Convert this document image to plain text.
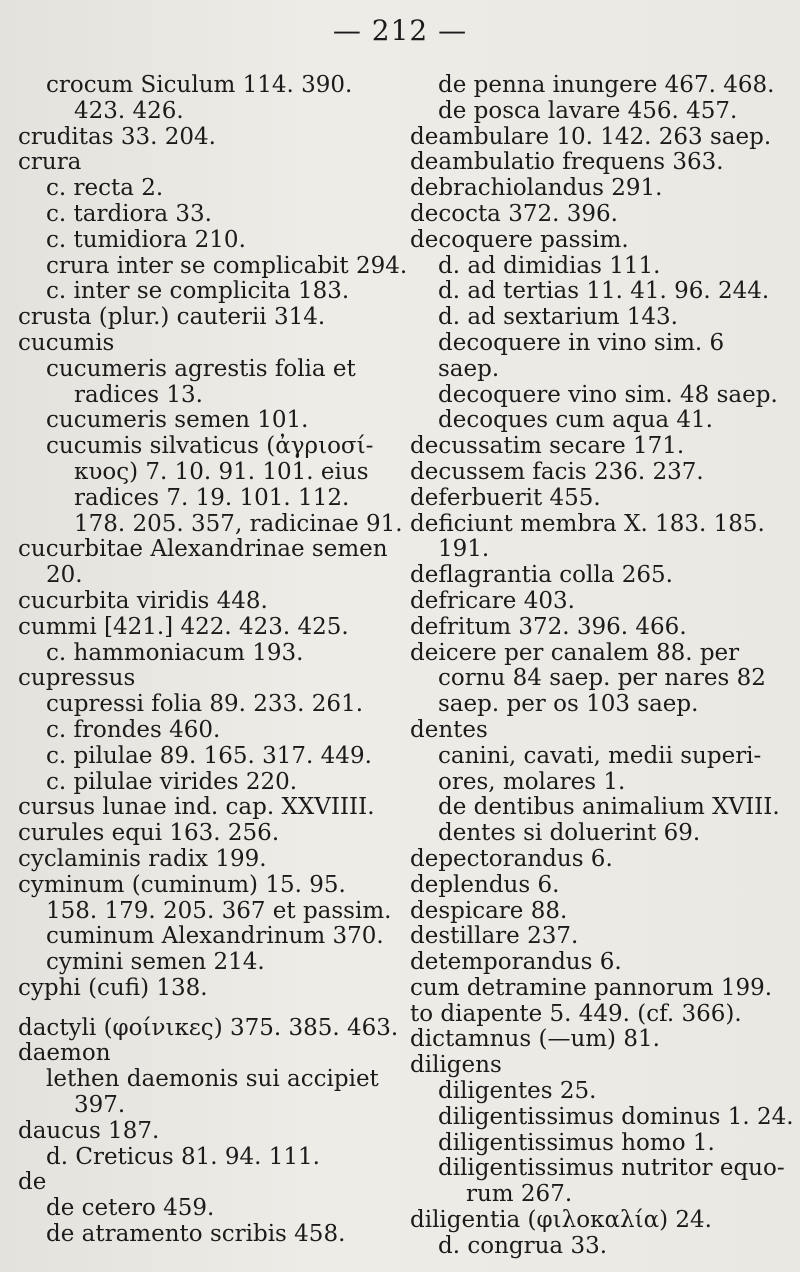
— 212 —
crocum Siculum 114. 390.
423. 426.
cruditas 33. 204.
crura
c. recta 2.
c. tardiora 33.
c. tumidiora 210.
crura inter se complicabit 294.
c. inter se complicita 183.
crusta (plur.) cauterii 314.
cucumis
cucumeris agrestis folia et
radices 13.
cucumeris semen 101.
cucumis silvaticus (ἀγριοσί-
κυος) 7. 10. 91. 101. eius
radices 7. 19. 101. 112.
178. 205. 357, radicinae 91.
cucurbitae Alexandrinae semen
20.
cucurbita viridis 448.
cummi [421.] 422. 423. 425.
c. hammoniacum 193.
cupressus
cupressi folia 89. 233. 261.
c. frondes 460.
c. pilulae 89. 165. 317. 449.
c. pilulae virides 220.
cursus lunae ind. cap. XXVIIII.
curules equi 163. 256.
cyclaminis radix 199.
cyminum (cuminum) 15. 95.
158. 179. 205. 367 et passim.
cuminum Alexandrinum 370.
cymini semen 214.
cyphi (cufi) 138.
dactyli (φοίνικες) 375. 385. 463.
daemon
lethen daemonis sui accipiet
397.
daucus 187.
d. Creticus 81. 94. 111.
de
de cetero 459.
de atramento scribis 458.
de penna inungere 467. 468.
de posca lavare 456. 457.
deambulare 10. 142. 263 saep.
deambulatio frequens 363.
debrachiolandus 291.
decocta 372. 396.
decoquere passim.
d. ad dimidias 111.
d. ad tertias 11. 41. 96. 244.
d. ad sextarium 143.
decoquere in vino sim. 6
saep.
decoquere vino sim. 48 saep.
decoques cum aqua 41.
decussatim secare 171.
decussem facis 236. 237.
deferbuerit 455.
deficiunt membra X. 183. 185.
191.
deflagrantia colla 265.
defricare 403.
defritum 372. 396. 466.
deicere per canalem 88. per
cornu 84 saep. per nares 82
saep. per os 103 saep.
dentes
canini, cavati, medii superi-
ores, molares 1.
de dentibus animalium XVIII.
dentes si doluerint 69.
depectorandus 6.
deplendus 6.
despicare 88.
destillare 237.
detemporandus 6.
cum detramine pannorum 199.
to diapente 5. 449. (cf. 366).
dictamnus (—um) 81.
diligens
diligentes 25.
diligentissimus dominus 1. 24.
diligentissimus homo 1.
diligentissimus nutritor equo-
rum 267.
diligentia (φιλοκαλία) 24.
d. congrua 33.
